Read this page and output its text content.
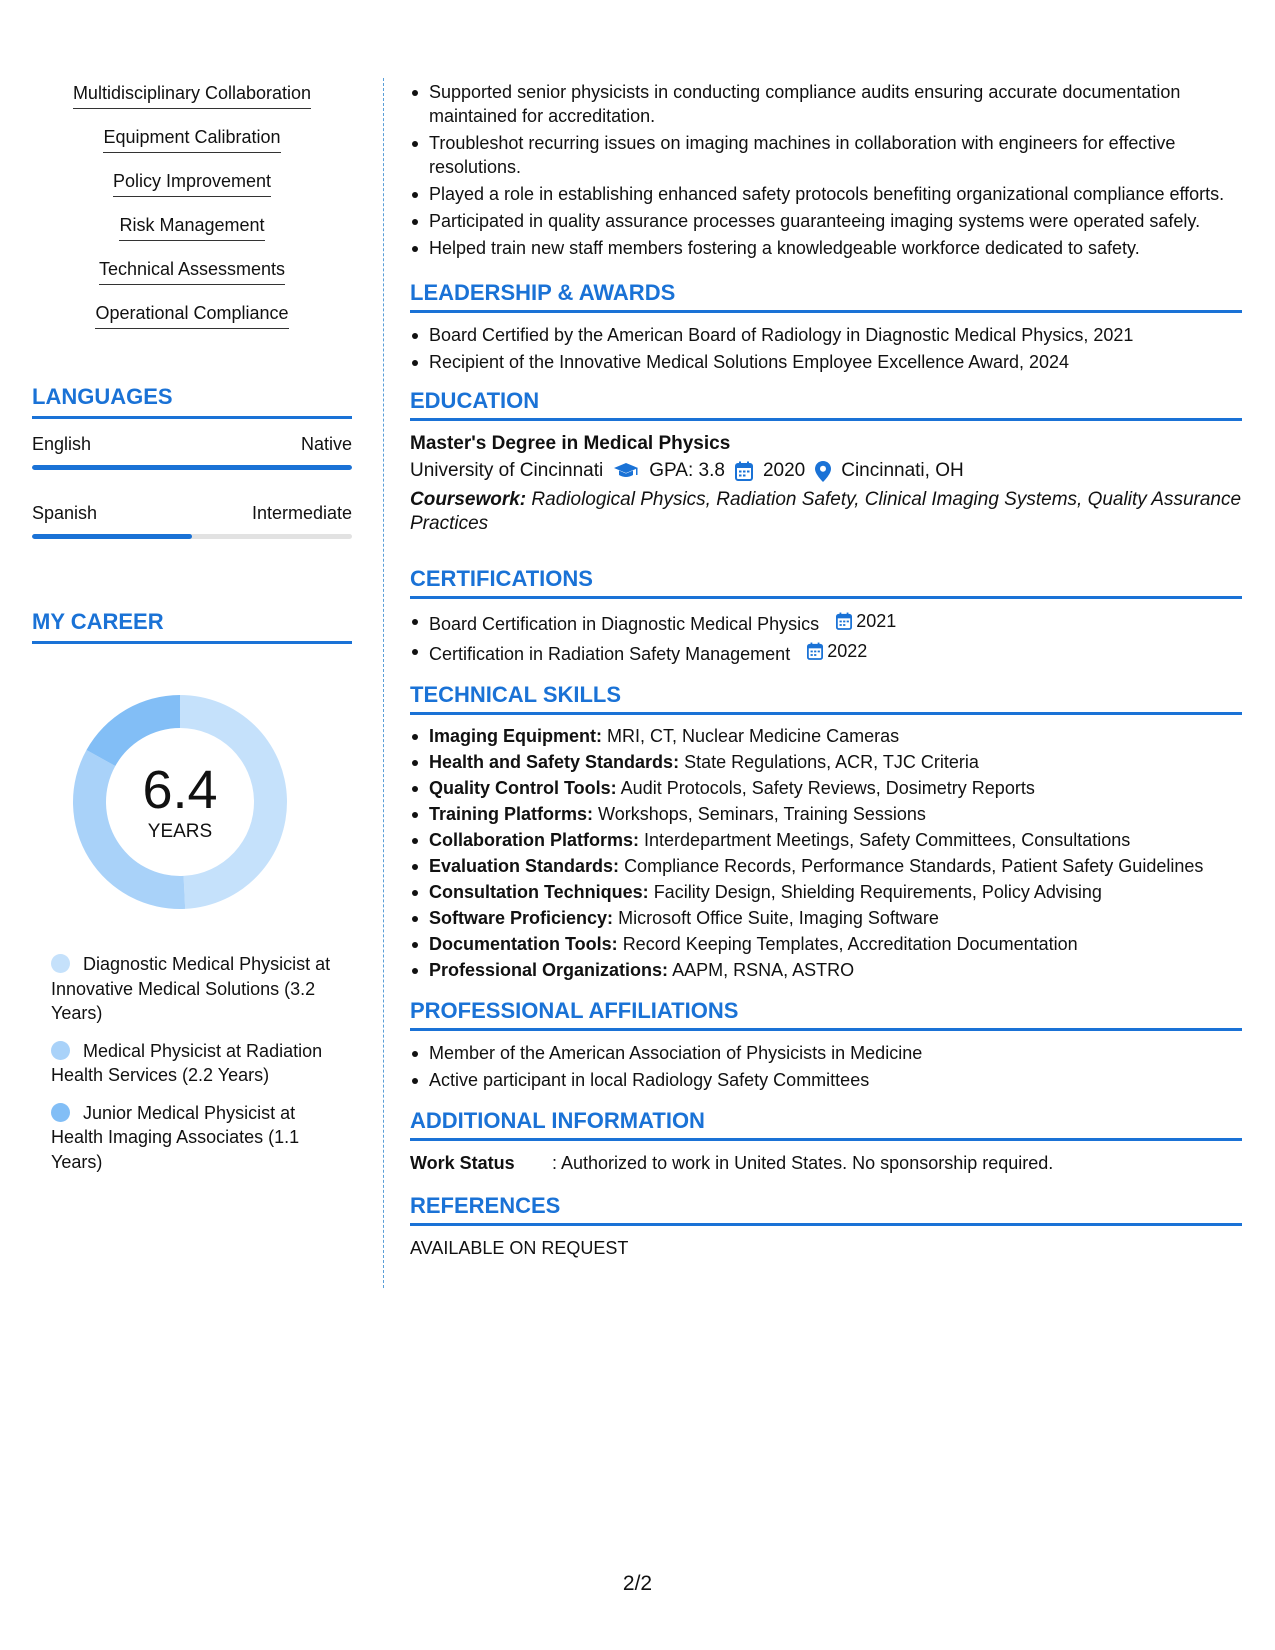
Multidisciplinary Collaboration
Equipment Calibration
Policy Improvement
Risk Management
Technical Assessments
Operational Compliance
LANGUAGES
English	Native
Spanish	Intermediate
MY CAREER
6.4
YEARS
Diagnostic Medical Physicist at Innovative Medical Solutions (3.2 Years)
Medical Physicist at Radiation Health Services (2.2 Years)
Junior Medical Physicist at Health Imaging Associates (1.1 Years)
Supported senior physicists in conducting compliance audits ensuring accurate documentation maintained for accreditation.
Troubleshot recurring issues on imaging machines in collaboration with engineers for effective resolutions.
Played a role in establishing enhanced safety protocols benefiting organizational compliance efforts.
Participated in quality assurance processes guaranteeing imaging systems were operated safely.
Helped train new staff members fostering a knowledgeable workforce dedicated to safety.
LEADERSHIP & AWARDS
Board Certified by the American Board of Radiology in Diagnostic Medical Physics, 2021
Recipient of the Innovative Medical Solutions Employee Excellence Award, 2024
EDUCATION
Master's Degree in Medical Physics
University of Cincinnati GPA: 3.8 2020 Cincinnati, OH
Coursework: Radiological Physics, Radiation Safety, Clinical Imaging Systems, Quality Assurance Practices
CERTIFICATIONS
Board Certification in Diagnostic Medical Physics 2021
Certification in Radiation Safety Management 2022
TECHNICAL SKILLS
Imaging Equipment: MRI, CT, Nuclear Medicine Cameras
Health and Safety Standards: State Regulations, ACR, TJC Criteria
Quality Control Tools: Audit Protocols, Safety Reviews, Dosimetry Reports
Training Platforms: Workshops, Seminars, Training Sessions
Collaboration Platforms: Interdepartment Meetings, Safety Committees, Consultations
Evaluation Standards: Compliance Records, Performance Standards, Patient Safety Guidelines
Consultation Techniques: Facility Design, Shielding Requirements, Policy Advising
Software Proficiency: Microsoft Office Suite, Imaging Software
Documentation Tools: Record Keeping Templates, Accreditation Documentation
Professional Organizations: AAPM, RSNA, ASTRO
PROFESSIONAL AFFILIATIONS
Member of the American Association of Physicists in Medicine
Active participant in local Radiology Safety Committees
ADDITIONAL INFORMATION
Work Status	: Authorized to work in United States. No sponsorship required.
REFERENCES
AVAILABLE ON REQUEST
2/2
